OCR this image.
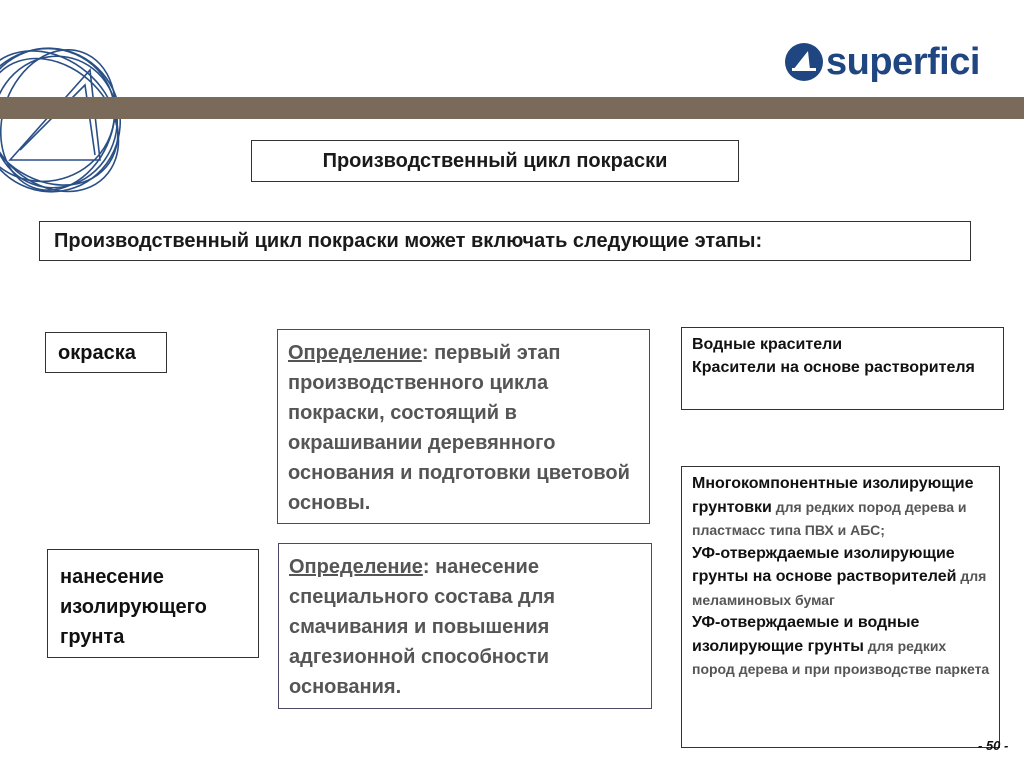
superfici
Производственный цикл покраски
Производственный цикл покраски может включать следующие этапы:
окраска	Определение: первый этап производственного цикла покраски, состоящий в окрашивании деревянного основания и подготовки цветовой основы.
нанесение изолирующего грунта
Определение: нанесение специального состава для смачивания и повышения адгезионной способности основания.
Водные красители
Красители на основе растворителя
Многокомпонентные изолирующие грунтовки для редких пород дерева и пластмасс типа ПВХ и АБС;
УФ-отверждаемые изолирующие грунты на основе растворителей для меламиновых бумаг
УФ-отверждаемые и водные изолирующие грунты для редких пород дерева и при производстве паркета
- 50 -
